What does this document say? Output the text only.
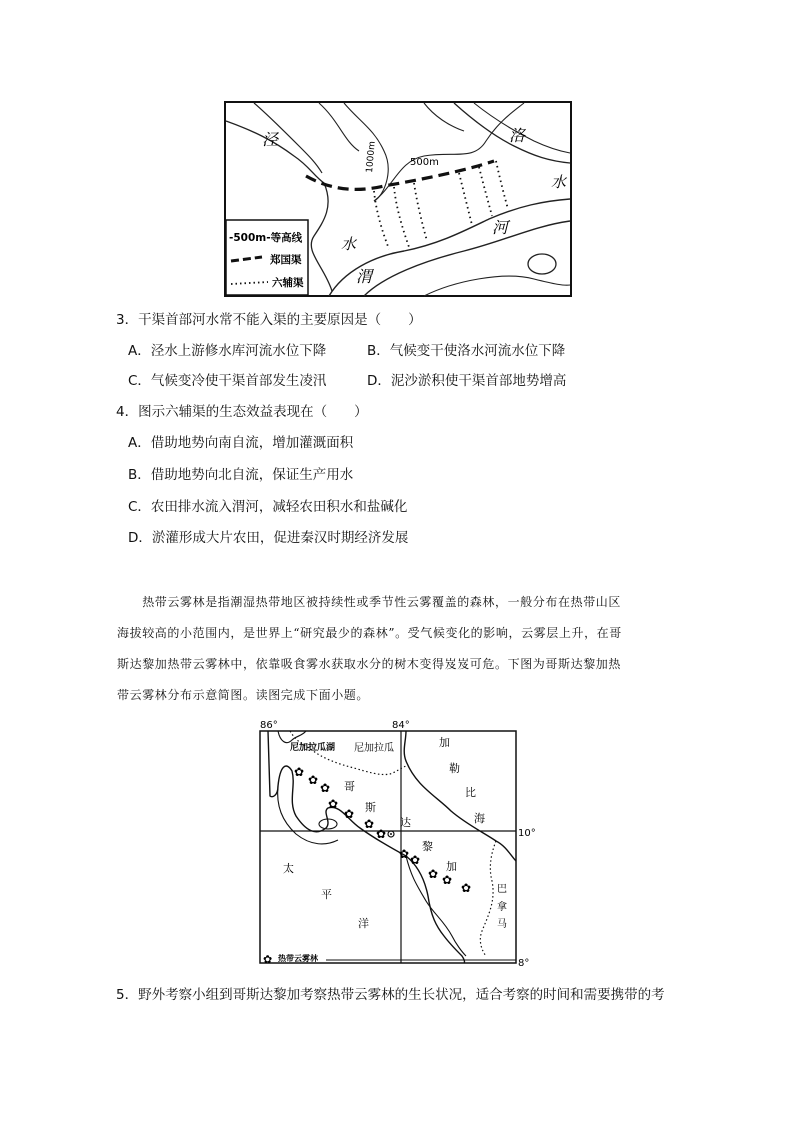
泾	洛
水
河
水
渭
1000m	500m
-500m-等高线
郑国渠
六辅渠
3．干渠首部河水常不能入渠的主要原因是（　　）
A．泾水上游修水库河流水位下降	B．气候变干使洛水河流水位下降
C．气候变冷使干渠首部发生凌汛	D．泥沙淤积使干渠首部地势增高
4．图示六辅渠的生态效益表现在（　　）
A．借助地势向南自流，增加灌溉面积
B．借助地势向北自流，保证生产用水
C．农田排水流入渭河，减轻农田积水和盐碱化
D．淤灌形成大片农田，促进秦汉时期经济发展
　　热带云雾林是指潮湿热带地区被持续性或季节性云雾覆盖的森林，一般分布在热带山区
海拔较高的小范围内，是世界上“研究最少的森林”。受气候变化的影响，云雾层上升，在哥
斯达黎加热带云雾林中，依靠吸食雾水获取水分的树木变得岌岌可危。下图为哥斯达黎加热
带云雾林分布示意简图。读图完成下面小题。
86°	84°
10°
8°
✿
✿
✿
✿
✿
✿
✿
✿ ✿
✿ ✿
✿
尼加拉瓜湖 尼加拉瓜	加
勒
比
海
哥
斯
达
黎
加
太
平
洋
巴
拿
马
✿ 热带云雾林
5．野外考察小组到哥斯达黎加考察热带云雾林的生长状况，适合考察的时间和需要携带的考
